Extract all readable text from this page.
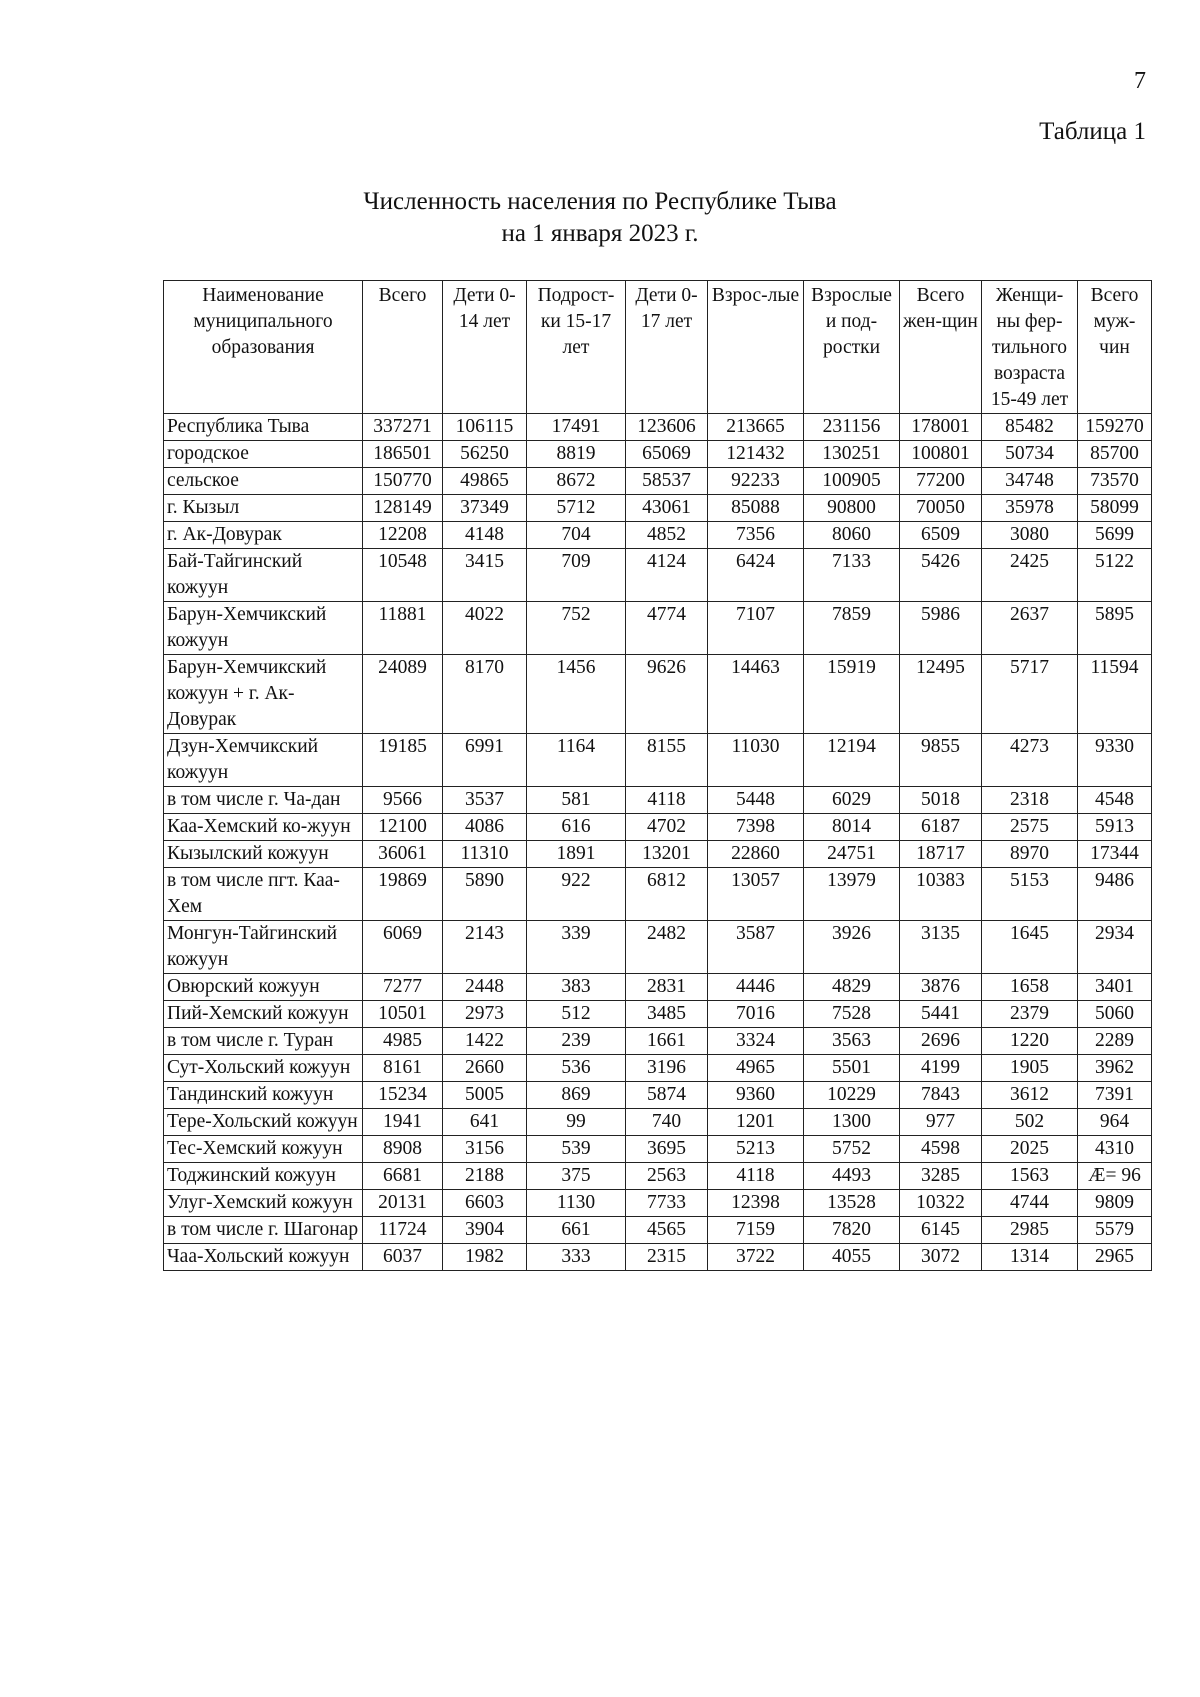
7
Таблица 1
Численность населения по Республике Тыва
на 1 января 2023 г.
Наименование муниципального образования	Всего	Дети 0-14 лет	Подрост-ки 15-17 лет	Дети 0-17 лет	Взрос-лые	Взрослые и под-ростки	Всего жен-щин	Женщи-ны фер-тильного возраста 15-49 лет	Всего муж-чин
Республика Тыва	337271	106115	17491	123606	213665	231156	178001	85482	159270
городское	186501	56250	8819	65069	121432	130251	100801	50734	85700
сельское	150770	49865	8672	58537	92233	100905	77200	34748	73570
г. Кызыл	128149	37349	5712	43061	85088	90800	70050	35978	58099
г. Ак-Довурак	12208	4148	704	4852	7356	8060	6509	3080	5699
Бай-Тайгинский кожуун	10548	3415	709	4124	6424	7133	5426	2425	5122
Барун-Хемчикский кожуун	11881	4022	752	4774	7107	7859	5986	2637	5895
Барун-Хемчикский кожуун + г. Ак-Довурак	24089	8170	1456	9626	14463	15919	12495	5717	11594
Дзун-Хемчикский кожуун	19185	6991	1164	8155	11030	12194	9855	4273	9330
в том числе г. Ча-дан	9566	3537	581	4118	5448	6029	5018	2318	4548
Каа-Хемский ко-жуун	12100	4086	616	4702	7398	8014	6187	2575	5913
Кызылский кожуун	36061	11310	1891	13201	22860	24751	18717	8970	17344
в том числе пгт. Каа-Хем	19869	5890	922	6812	13057	13979	10383	5153	9486
Монгун-Тайгинский кожуун	6069	2143	339	2482	3587	3926	3135	1645	2934
Овюрский кожуун	7277	2448	383	2831	4446	4829	3876	1658	3401
Пий-Хемский кожуун	10501	2973	512	3485	7016	7528	5441	2379	5060
в том числе г. Туран	4985	1422	239	1661	3324	3563	2696	1220	2289
Сут-Хольский кожуун	8161	2660	536	3196	4965	5501	4199	1905	3962
Тандинский кожуун	15234	5005	869	5874	9360	10229	7843	3612	7391
Тере-Хольский кожуун	1941	641	99	740	1201	1300	977	502	964
Тес-Хемский кожуун	8908	3156	539	3695	5213	5752	4598	2025	4310
Тоджинский кожуун	6681	2188	375	2563	4118	4493	3285	1563	Æ= 96
Улуг-Хемский кожуун	20131	6603	1130	7733	12398	13528	10322	4744	9809
в том числе г. Шагонар	11724	3904	661	4565	7159	7820	6145	2985	5579
Чаа-Хольский кожуун	6037	1982	333	2315	3722	4055	3072	1314	2965
